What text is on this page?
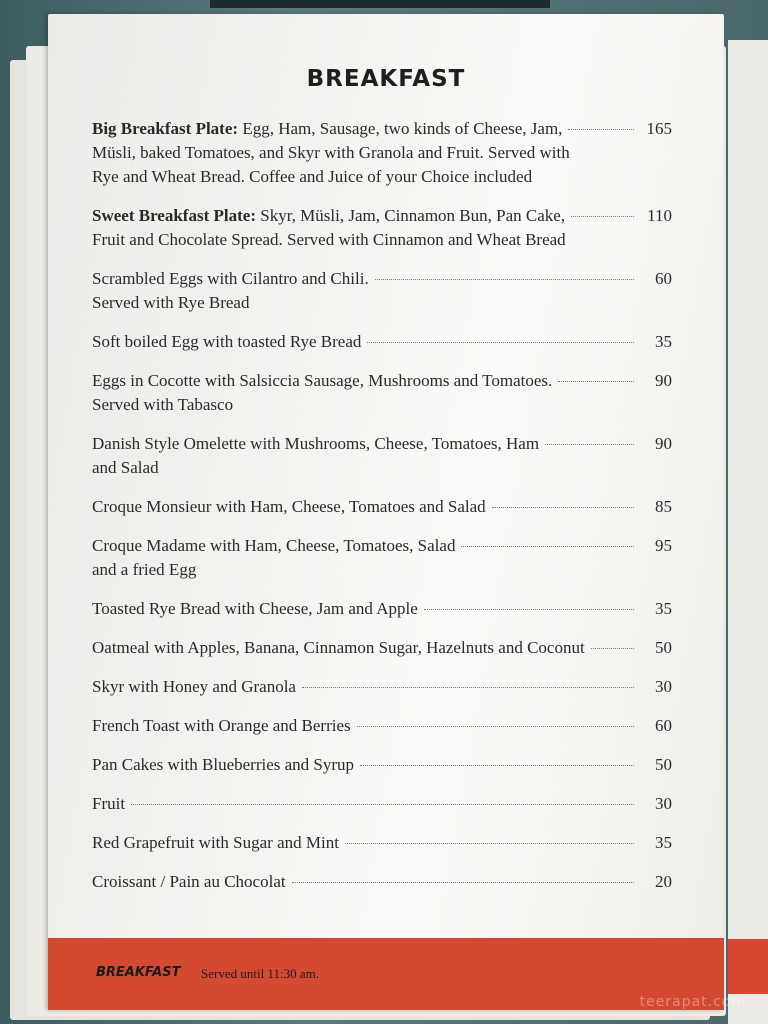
BREAKFAST
Big Breakfast Plate: Egg, Ham, Sausage, two kinds of Cheese, Jam,	165
Müsli, baked Tomatoes, and Skyr with Granola and Fruit. Served with
Rye and Wheat Bread. Coffee and Juice of your Choice included
Sweet Breakfast Plate: Skyr, Müsli, Jam, Cinnamon Bun, Pan Cake,	110
Fruit and Chocolate Spread. Served with Cinnamon and Wheat Bread
Scrambled Eggs with Cilantro and Chili.	60
Served with Rye Bread
Soft boiled Egg with toasted Rye Bread	35
Eggs in Cocotte with Salsiccia Sausage, Mushrooms and Tomatoes.	90
Served with Tabasco
Danish Style Omelette with Mushrooms, Cheese, Tomatoes, Ham	90
and Salad
Croque Monsieur with Ham, Cheese, Tomatoes and Salad	85
Croque Madame with Ham, Cheese, Tomatoes, Salad	95
and a fried Egg
Toasted Rye Bread with Cheese, Jam and Apple	35
Oatmeal with Apples, Banana, Cinnamon Sugar, Hazelnuts and Coconut	50
Skyr with Honey and Granola	30
French Toast with Orange and Berries	60
Pan Cakes with Blueberries and Syrup	50
Fruit	30
Red Grapefruit with Sugar and Mint	35
Croissant / Pain au Chocolat	20
BREAKFAST Served until 11:30 am.
teerapat.com
